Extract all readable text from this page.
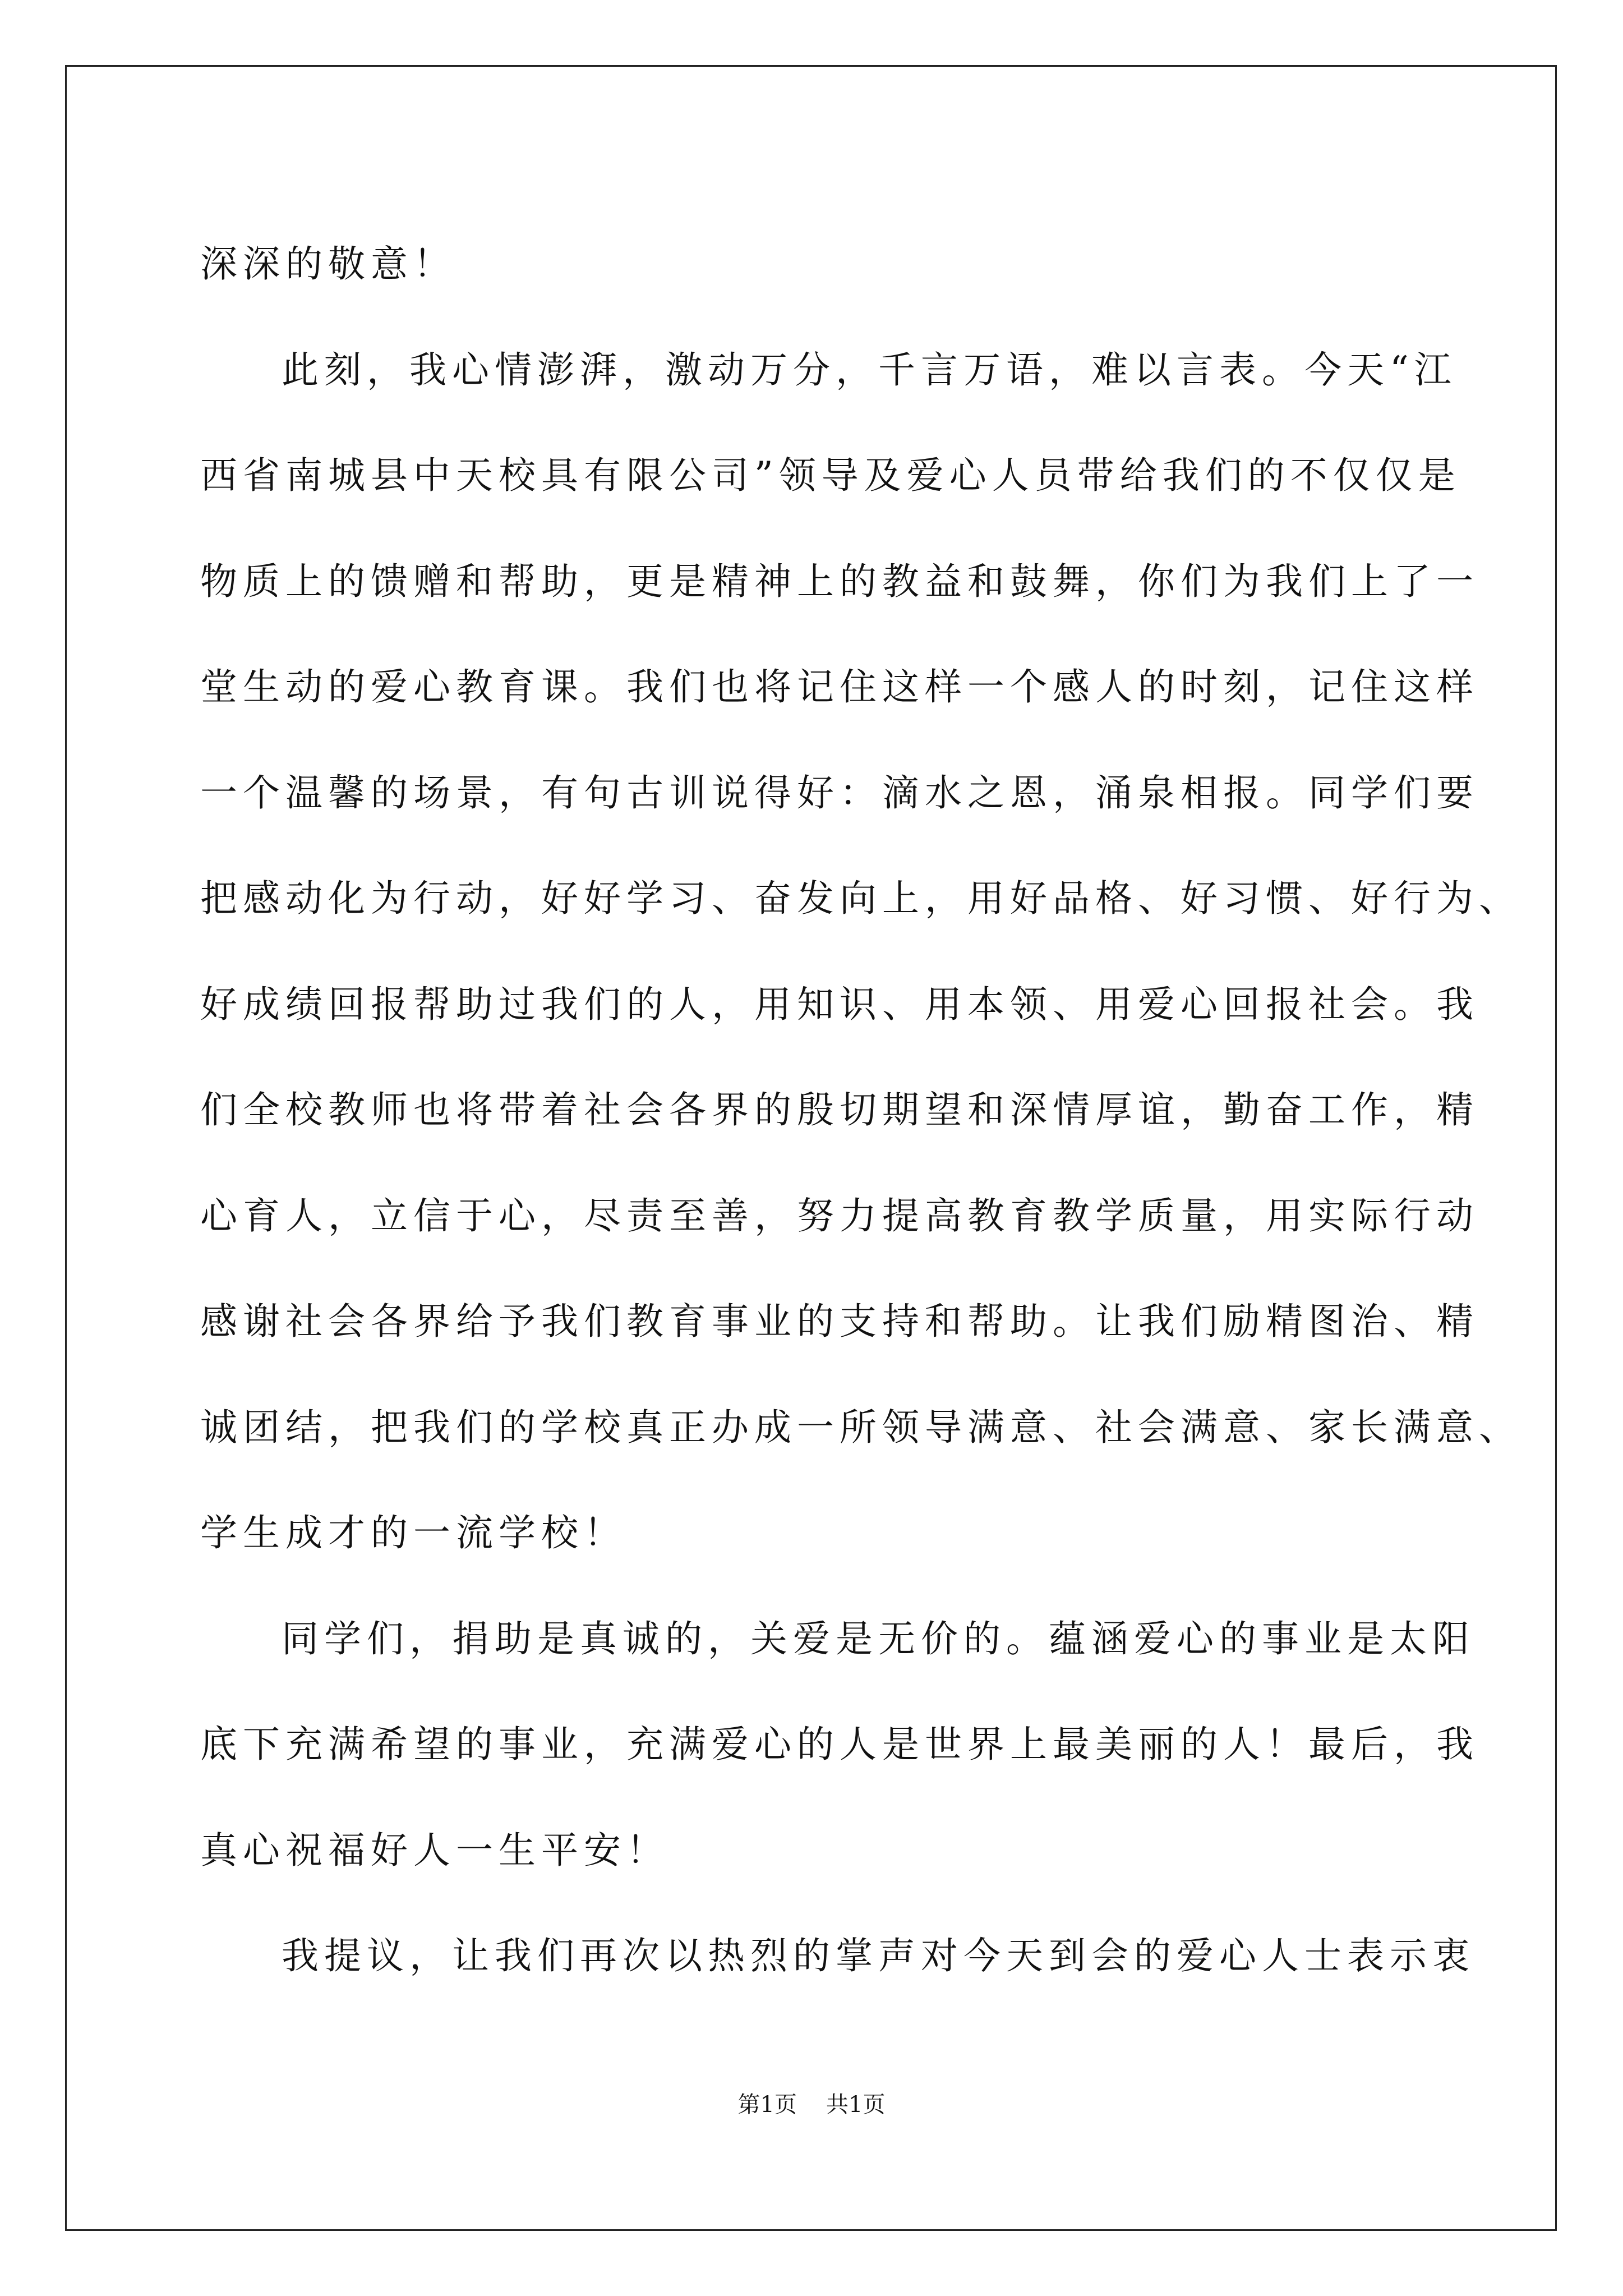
深深的敬意！
此刻，我心情澎湃，激动万分，千言万语，难以言表。今天“江
西省南城县中天校具有限公司”领导及爱心人员带给我们的不仅仅是
物质上的馈赠和帮助，更是精神上的教益和鼓舞，你们为我们上了一
堂生动的爱心教育课。我们也将记住这样一个感人的时刻，记住这样
一个温馨的场景，有句古训说得好：滴水之恩，涌泉相报。同学们要
把感动化为行动，好好学习、奋发向上，用好品格、好习惯、好行为、
好成绩回报帮助过我们的人，用知识、用本领、用爱心回报社会。我
们全校教师也将带着社会各界的殷切期望和深情厚谊，勤奋工作，精
心育人，立信于心，尽责至善，努力提高教育教学质量，用实际行动
感谢社会各界给予我们教育事业的支持和帮助。让我们励精图治、精
诚团结，把我们的学校真正办成一所领导满意、社会满意、家长满意、
学生成才的一流学校！
同学们，捐助是真诚的，关爱是无价的。蕴涵爱心的事业是太阳
底下充满希望的事业，充满爱心的人是世界上最美丽的人！最后，我
真心祝福好人一生平安！
我提议，让我们再次以热烈的掌声对今天到会的爱心人士表示衷
第1页 共1页
